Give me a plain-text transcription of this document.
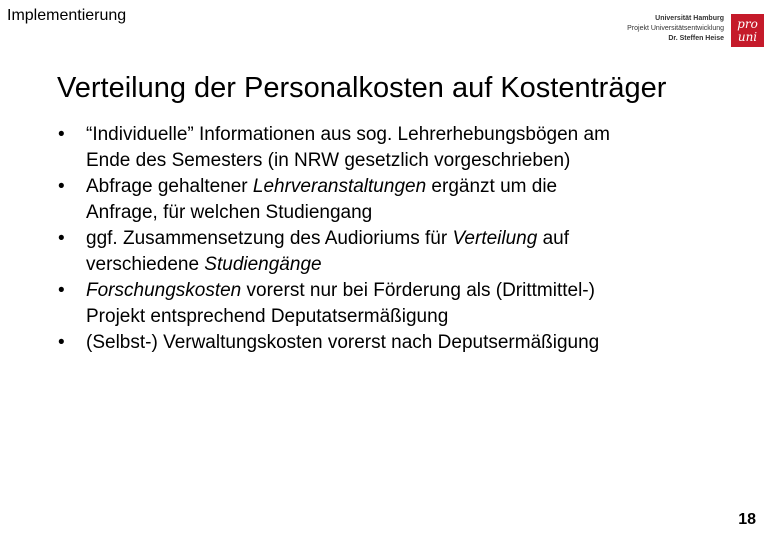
Implementierung	Universität Hamburg
Projekt Universitätsentwicklung
Dr. Steffen Heise
pro
uni
Verteilung der Personalkosten auf Kostenträger
•	“Individuelle” Informationen aus sog. Lehrerhebungsbögen am
Ende des Semesters (in NRW gesetzlich vorgeschrieben)
•	Abfrage gehaltener Lehrveranstaltungen ergänzt um die
Anfrage, für welchen Studiengang
•	ggf. Zusammensetzung des Audioriums für Verteilung auf
verschiedene Studiengänge
•	Forschungskosten vorerst nur bei Förderung als (Drittmittel-)
Projekt entsprechend Deputatsermäßigung
•	(Selbst-) Verwaltungskosten vorerst nach Deputsermäßigung
18
